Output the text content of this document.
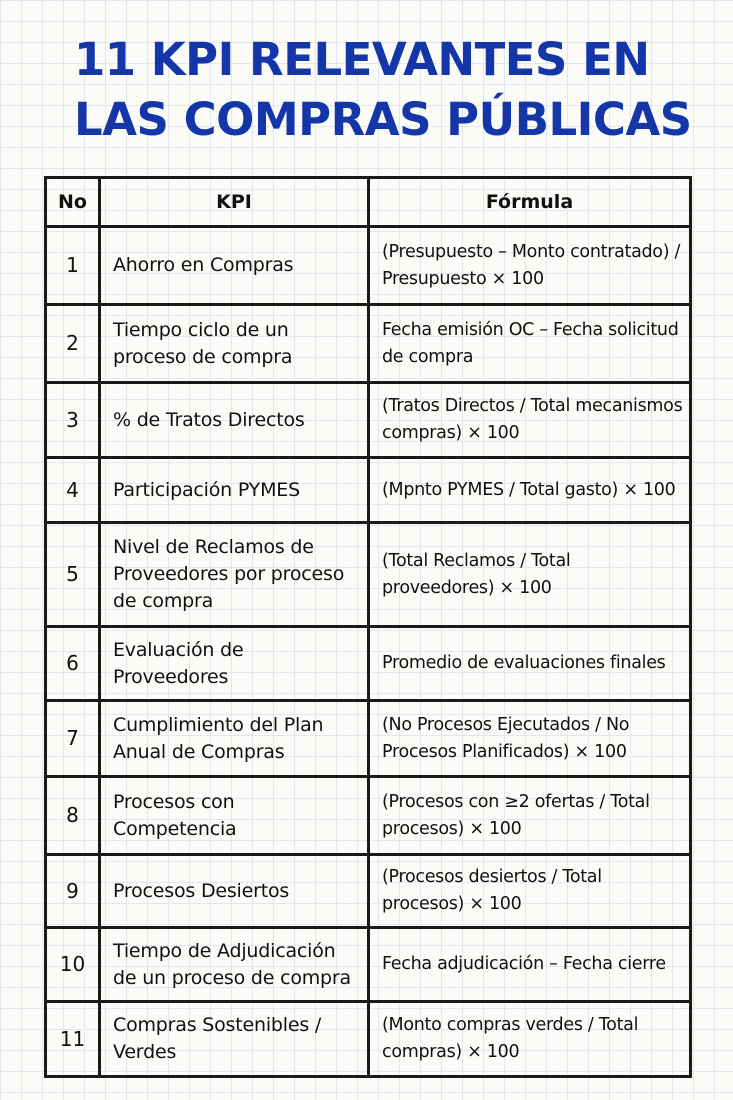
11 KPI RELEVANTES EN
LAS COMPRAS PÚBLICAS
No	KPI	Fórmula
1	Ahorro en Compras	(Presupuesto – Monto contratado) / Presupuesto × 100
2	Tiempo ciclo de un proceso de compra	Fecha emisión OC – Fecha solicitud de compra
3	% de Tratos Directos	(Tratos Directos / Total mecanismos compras) × 100
4	Participación PYMES	(Mpnto PYMES / Total gasto) × 100
5	Nivel de Reclamos de Proveedores por proceso de compra	(Total Reclamos / Total proveedores) × 100
6	Evaluación de Proveedores	Promedio de evaluaciones finales
7	Cumplimiento del Plan Anual de Compras	(No Procesos Ejecutados / No Procesos Planificados) × 100
8	Procesos con Competencia	(Procesos con ≥2 ofertas / Total procesos) × 100
9	Procesos Desiertos	(Procesos desiertos / Total procesos) × 100
10	Tiempo de Adjudicación de un proceso de compra	Fecha adjudicación – Fecha cierre
11	Compras Sostenibles / Verdes	(Monto compras verdes / Total compras) × 100
